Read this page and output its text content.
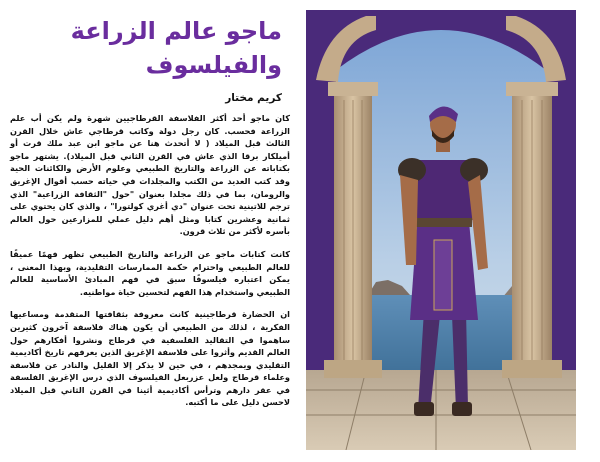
ماجو عالم الزراعة والفيلسوف
كريم مختار

كان ماجو أحد أكثر الفلاسفة القرطاجيين شهرة ولم يكن أب علم الزراعة فحسب. كان رجل دولة وكاتب قرطاجي عاش خلال القرن الثالث قبل الميلاد ( لا أتحدث هنا عن ماجو ابن عبد ملك قرت أو أميلكار برقا الذي عاش في القرن الثاني قبل الميلاد). يشتهر ماجو بكتاباته عن الزراعة والتاريخ الطبيعي وعلوم الأرض والكائنات الحية وقد كتب العديد من الكتب والمجلدات في حياته حسب أقوال الإغريق والرومان، بما في ذلك مجلدا بعنوان "حول "الثقافة الزراعية" الذي ترجم للاتينية تحت عنوان "دي أغري كولتورا" ، والذي كان يحتوي على ثمانية وعشرين كتابا ومثل أهم دليل عملي للمزارعين حول العالم بأسره لأكثر من ثلاث قرون.

كانت كتابات ماجو عن الزراعة والتاريخ الطبيعي تظهر فهمًا عميقًا للعالم الطبيعي واحترام حكمة الممارسات التقليدية، وبهذا المعنى ، يمكن اعتباره فيلسوفًا سبق في فهم المبادئ الأساسية للعالم الطبيعي واستخدام هذا الفهم لتحسين حياة مواطنيه.

ان الحضارة قرطاجينية كانت معروفة بثقافتها المتقدمة ومساعيها الفكرية ، لذلك من الطبيعي أن يكون هناك فلاسفة آخرون كثيرين ساهموا في التقاليد الفلسفية في قرطاج ونشروا أفكارهم حول العالم القديم وأثروا على فلاسفة الإغريق الذين يعرفهم تاريخ أكاديمية التقليدي ويمجدهم ، في حين لا يذكر إلا القليل والنادر عن فلاسفة وعلماء قرطاج ولعل عزربعل الفيلسوف الذي درس الإغريق الفلسفة في عقر دارهم وترأس أكاديمية أثينا في القرن الثاني قبل الميلاد لاحسن دليل على ما أكتبه.
